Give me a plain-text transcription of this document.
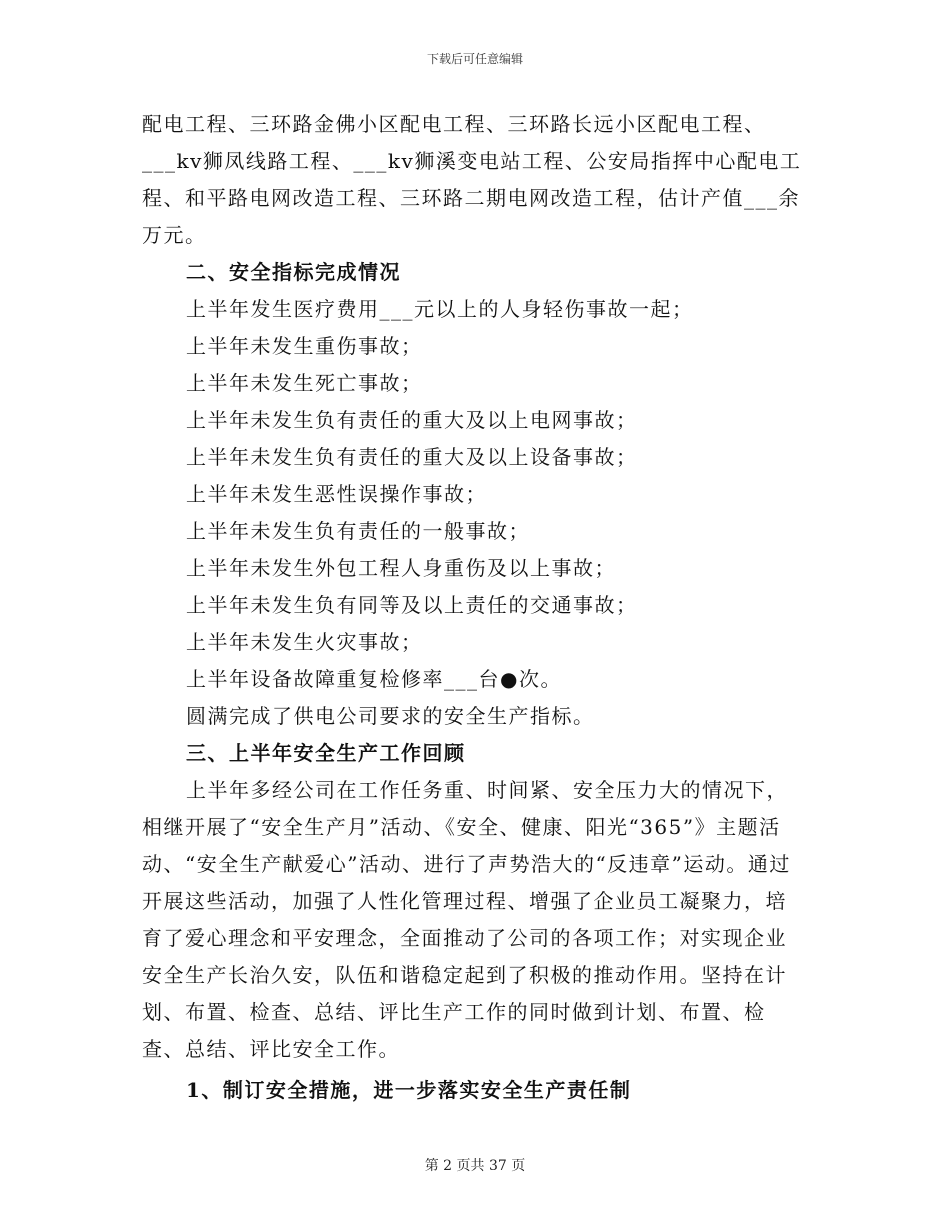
下载后可任意编辑

配电工程、三环路金佛小区配电工程、三环路长远小区配电工程、___kv狮凤线路工程、___kv狮溪变电站工程、公安局指挥中心配电工程、和平路电网改造工程、三环路二期电网改造工程，估计产值___余万元。

二、安全指标完成情况

上半年发生医疗费用___元以上的人身轻伤事故一起；

上半年未发生重伤事故；

上半年未发生死亡事故；

上半年未发生负有责任的重大及以上电网事故；

上半年未发生负有责任的重大及以上设备事故；

上半年未发生恶性误操作事故；

上半年未发生负有责任的一般事故；

上半年未发生外包工程人身重伤及以上事故；

上半年未发生负有同等及以上责任的交通事故；

上半年未发生火灾事故；

上半年设备故障重复检修率___台●次。

圆满完成了供电公司要求的安全生产指标。

三、上半年安全生产工作回顾

上半年多经公司在工作任务重、时间紧、安全压力大的情况下，相继开展了“安全生产月”活动、《安全、健康、阳光“365”》主题活动、“安全生产献爱心”活动、进行了声势浩大的“反违章”运动。通过开展这些活动，加强了人性化管理过程、增强了企业员工凝聚力，培育了爱心理念和平安理念，全面推动了公司的各项工作；对实现企业安全生产长治久安，队伍和谐稳定起到了积极的推动作用。坚持在计划、布置、检查、总结、评比生产工作的同时做到计划、布置、检查、总结、评比安全工作。

1、制订安全措施，进一步落实安全生产责任制
第 2 页共 37 页
